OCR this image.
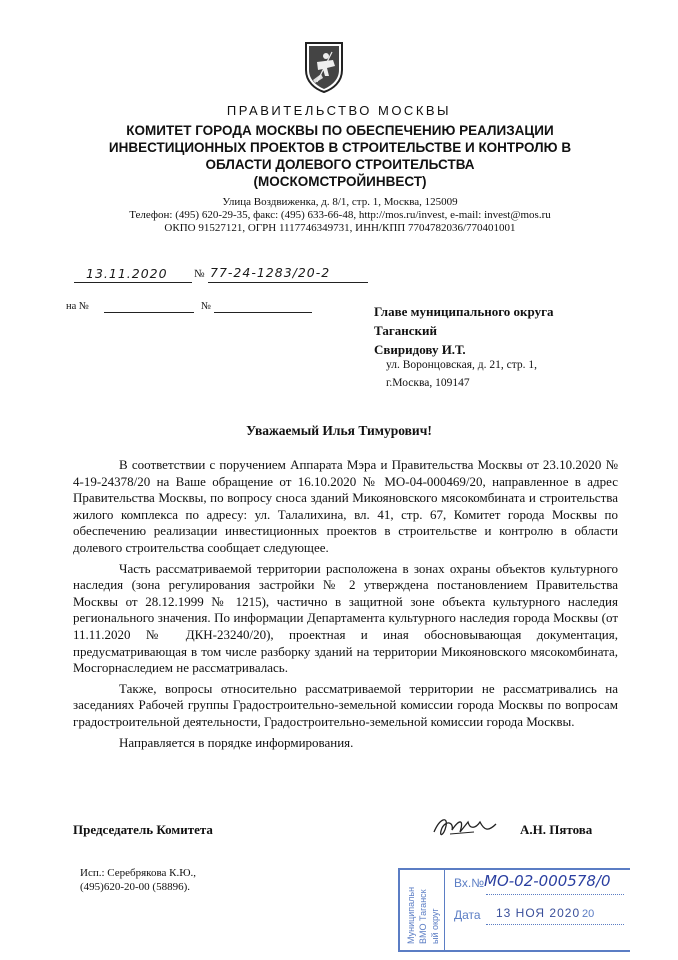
ПРАВИТЕЛЬСТВО МОСКВЫ
КОМИТЕТ ГОРОДА МОСКВЫ ПО ОБЕСПЕЧЕНИЮ РЕАЛИЗАЦИИ
ИНВЕСТИЦИОННЫХ ПРОЕКТОВ В СТРОИТЕЛЬСТВЕ И КОНТРОЛЮ В
ОБЛАСТИ ДОЛЕВОГО СТРОИТЕЛЬСТВА
(МОСКОМСТРОЙИНВЕСТ)
Улица Воздвиженка, д. 8/1, стр. 1, Москва, 125009
Телефон: (495) 620-29-35, факс: (495) 633-66-48, http://mos.ru/invest, e-mail: invest@mos.ru
ОКПО 91527121, ОГРН 1117746349731, ИНН/КПП 7704782036/770401001
13.11.2020 № 77-24-1283/20-2
на №	№	Главе муниципального округа
Таганский
Свиридову И.Т.
ул. Воронцовская, д. 21, стр. 1,
г.Москва, 109147
Уважаемый Илья Тимурович!

В соответствии с поручением Аппарата Мэра и Правительства Москвы от 23.10.2020 № 4-19-24378/20 на Ваше обращение от 16.10.2020 № МО-04-000469/20, направленное в адрес Правительства Москвы, по вопросу сноса зданий Микояновского мясокомбината и строительства жилого комплекса по адресу: ул. Талалихина, вл. 41, стр. 67, Комитет города Москвы по обеспечению реализации инвестиционных проектов в строительстве и контролю в области долевого строительства сообщает следующее.

Часть рассматриваемой территории расположена в зонах охраны объектов культурного наследия (зона регулирования застройки № 2 утверждена постановлением Правительства Москвы от 28.12.1999 № 1215), частично в защитной зоне объекта культурного наследия регионального значения. По информации Департамента культурного наследия города Москвы (от 11.11.2020 № ДКН-23240/20), проектная и иная обосновывающая документация, предусматривающая в том числе разборку зданий на территории Микояновского мясокомбината, Мосгорнаследием не рассматривалась.

Также, вопросы относительно рассматриваемой территории не рассматривались на заседаниях Рабочей группы Градостроительно-земельной комиссии города Москвы по вопросам градостроительной деятельности, Градостроительно-земельной комиссии города Москвы.

Направляется в порядке информирования.

Председатель Комитета	А.Н. Пятова
Исп.: Серебрякова К.Ю.,
(495)620-20-00 (58896).	Муниципальн ВМО Таганск ый округ
Вх.№ МО-02-000578/0
Дата 13 НОЯ 2020 20
